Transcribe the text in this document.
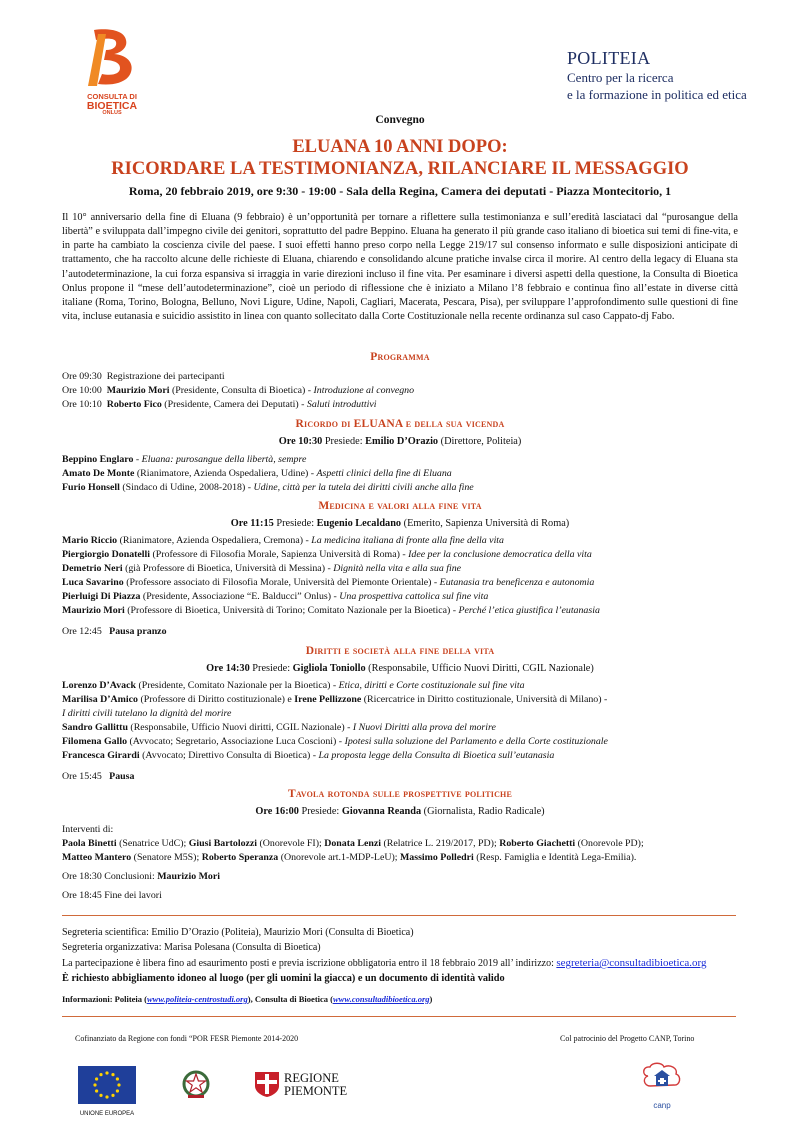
CONSULTA DI
BIOETICA
ONLUS
POLITEIA
Centro per la ricerca
e la formazione in politica ed etica
Convegno
ELUANA 10 ANNI DOPO:
RICORDARE LA TESTIMONIANZA, RILANCIARE IL MESSAGGIO
Roma, 20 febbraio 2019, ore 9:30 - 19:00 - Sala della Regina, Camera dei deputati - Piazza Montecitorio, 1
Il 10° anniversario della fine di Eluana (9 febbraio) è un’opportunità per tornare a riflettere sulla testimonianza e sull’eredità lasciataci dal “purosangue della libertà” e sviluppata dall’impegno civile dei genitori, soprattutto del padre Beppino. Eluana ha generato il più grande caso italiano di bioetica sui temi di fine-vita, e in parte ha cambiato la coscienza civile del paese. I suoi effetti hanno preso corpo nella Legge 219/17 sul consenso informato e sulle disposizioni anticipate di trattamento, che ha raccolto alcune delle richieste di Eluana, chiarendo e consolidando alcune pratiche invalse circa il morire. Al centro della legacy di Eluana sta l’autodeterminazione, la cui forza espansiva si irraggia in varie direzioni incluso il fine vita. Per esaminare i diversi aspetti della questione, la Consulta di Bioetica Onlus propone il “mese dell’autodeterminazione”, cioè un periodo di riflessione che è iniziato a Milano l’8 febbraio e continua fino all’estate in diverse città italiane (Roma, Torino, Bologna, Belluno, Novi Ligure, Udine, Napoli, Cagliari, Macerata, Pescara, Pisa), per sviluppare l’approfondimento sulle questioni di fine vita, incluse eutanasia e suicidio assistito in linea con quanto sollecitato dalla Corte Costituzionale nella recente ordinanza sul caso Cappato-dj Fabo.
Programma
Ore 09:30 Registrazione dei partecipanti
Ore 10:00 Maurizio Mori (Presidente, Consulta di Bioetica) - Introduzione al convegno
Ore 10:10 Roberto Fico (Presidente, Camera dei Deputati) - Saluti introduttivi
Ricordo di ELUANA e della sua vicenda
Ore 10:30 Presiede: Emilio D’Orazio (Direttore, Politeia)
Beppino Englaro - Eluana: purosangue della libertà, sempre
Amato De Monte (Rianimatore, Azienda Ospedaliera, Udine) - Aspetti clinici della fine di Eluana
Furio Honsell (Sindaco di Udine, 2008-2018) - Udine, città per la tutela dei diritti civili anche alla fine
Medicina e valori alla fine vita
Ore 11:15 Presiede: Eugenio Lecaldano (Emerito, Sapienza Università di Roma)
Mario Riccio (Rianimatore, Azienda Ospedaliera, Cremona) - La medicina italiana di fronte alla fine della vita
Piergiorgio Donatelli (Professore di Filosofia Morale, Sapienza Università di Roma) - Idee per la conclusione democratica della vita
Demetrio Neri (già Professore di Bioetica, Università di Messina) - Dignità nella vita e alla sua fine
Luca Savarino (Professore associato di Filosofia Morale, Università del Piemonte Orientale) - Eutanasia tra beneficenza e autonomia
Pierluigi Di Piazza (Presidente, Associazione “E. Balducci” Onlus) - Una prospettiva cattolica sul fine vita
Maurizio Mori (Professore di Bioetica, Università di Torino; Comitato Nazionale per la Bioetica) - Perché l’etica giustifica l’eutanasia
Ore 12:45 Pausa pranzo
Diritti e società alla fine della vita
Ore 14:30 Presiede: Gigliola Toniollo (Responsabile, Ufficio Nuovi Diritti, CGIL Nazionale)
Lorenzo D’Avack (Presidente, Comitato Nazionale per la Bioetica) - Etica, diritti e Corte costituzionale sul fine vita
Marilisa D’Amico (Professore di Diritto costituzionale) e Irene Pellizzone (Ricercatrice in Diritto costituzionale, Università di Milano) -
I diritti civili tutelano la dignità del morire
Sandro Gallittu (Responsabile, Ufficio Nuovi diritti, CGIL Nazionale) - I Nuovi Diritti alla prova del morire
Filomena Gallo (Avvocato; Segretario, Associazione Luca Coscioni) - Ipotesi sulla soluzione del Parlamento e della Corte costituzionale
Francesca Girardi (Avvocato; Direttivo Consulta di Bioetica) - La proposta legge della Consulta di Bioetica sull’eutanasia
Ore 15:45 Pausa
Tavola rotonda sulle prospettive politiche
Ore 16:00 Presiede: Giovanna Reanda (Giornalista, Radio Radicale)
Interventi di:
Paola Binetti (Senatrice UdC); Giusi Bartolozzi (Onorevole FI); Donata Lenzi (Relatrice L. 219/2017, PD); Roberto Giachetti (Onorevole PD);
Matteo Mantero (Senatore M5S); Roberto Speranza (Onorevole art.1-MDP-LeU); Massimo Polledri (Resp. Famiglia e Identità Lega-Emilia).
Ore 18:30 Conclusioni: Maurizio Mori
Ore 18:45 Fine dei lavori
Segreteria scientifica: Emilio D’Orazio (Politeia), Maurizio Mori (Consulta di Bioetica)
Segreteria organizzativa: Marisa Polesana (Consulta di Bioetica)
La partecipazione è libera fino ad esaurimento posti e previa iscrizione obbligatoria entro il 18 febbraio 2019 all’ indirizzo: segreteria@consultadibioetica.org
È richiesto abbigliamento idoneo al luogo (per gli uomini la giacca) e un documento di identità valido
Informazioni: Politeia (www.politeia-centrostudi.org), Consulta di Bioetica (www.consultadibioetica.org)
Cofinanziato da Regione con fondi “POR FESR Piemonte 2014-2020	Col patrocinio del Progetto CANP, Torino
UNIONE EUROPEA
REGIONE
PIEMONTE
canp
